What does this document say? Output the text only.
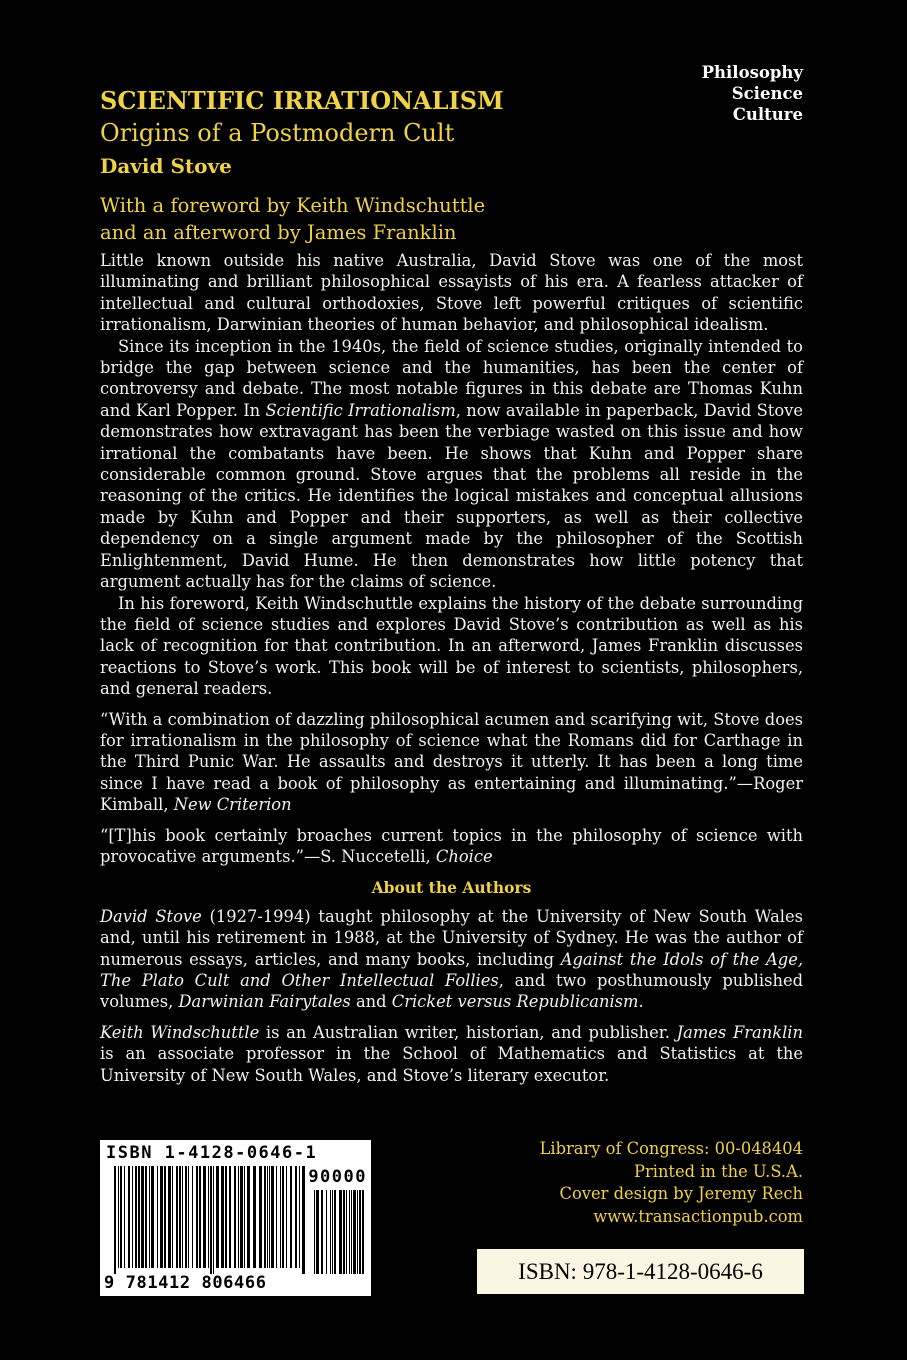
Philosophy
Science
Culture
SCIENTIFIC IRRATIONALISM
Origins of a Postmodern Cult
David Stove
With a foreword by Keith Windschuttle
and an afterword by James Franklin

Little known outside his native Australia, David Stove was one of the most illuminating and brilliant philosophical essayists of his era. A fearless attacker of intellectual and cultural orthodoxies, Stove left powerful critiques of scientific irrationalism, Darwinian theories of human behavior, and philosophical idealism.

Since its inception in the 1940s, the field of science studies, originally intended to bridge the gap between science and the humanities, has been the center of controversy and debate. The most notable figures in this debate are Thomas Kuhn and Karl Popper. In Scientific Irrationalism, now available in paperback, David Stove demonstrates how extravagant has been the verbiage wasted on this issue and how irrational the combatants have been. He shows that Kuhn and Popper share considerable common ground. Stove argues that the problems all reside in the reasoning of the critics. He identifies the logical mistakes and conceptual allusions made by Kuhn and Popper and their supporters, as well as their collective dependency on a single argument made by the philosopher of the Scottish Enlightenment, David Hume. He then demonstrates how little potency that argument actually has for the claims of science.

In his foreword, Keith Windschuttle explains the history of the debate surrounding the field of science studies and explores David Stove’s contribution as well as his lack of recognition for that contribution. In an afterword, James Franklin discusses reactions to Stove’s work. This book will be of interest to scientists, philosophers, and general readers.

“With a combination of dazzling philosophical acumen and scarifying wit, Stove does for irrationalism in the philosophy of science what the Romans did for Carthage in the Third Punic War. He assaults and destroys it utterly. It has been a long time since I have read a book of philosophy as entertaining and illuminating.”—Roger Kimball, New Criterion

“[T]his book certainly broaches current topics in the philosophy of science with provocative arguments.”—S. Nuccetelli, Choice

About the Authors

David Stove (1927-1994) taught philosophy at the University of New South Wales and, until his retirement in 1988, at the University of Sydney. He was the author of numerous essays, articles, and many books, including Against the Idols of the Age, The Plato Cult and Other Intellectual Follies, and two posthumously published volumes, Darwinian Fairytales and Cricket versus Republicanism.

Keith Windschuttle is an Australian writer, historian, and publisher. James Franklin is an associate professor in the School of Mathematics and Statistics at the University of New South Wales, and Stove’s literary executor.

ISBN 1-4128-0646-1
90000
9 781412 806466
Library of Congress: 00-048404
Printed in the U.S.A.
Cover design by Jeremy Rech
www.transactionpub.com
ISBN: 978-1-4128-0646-6
